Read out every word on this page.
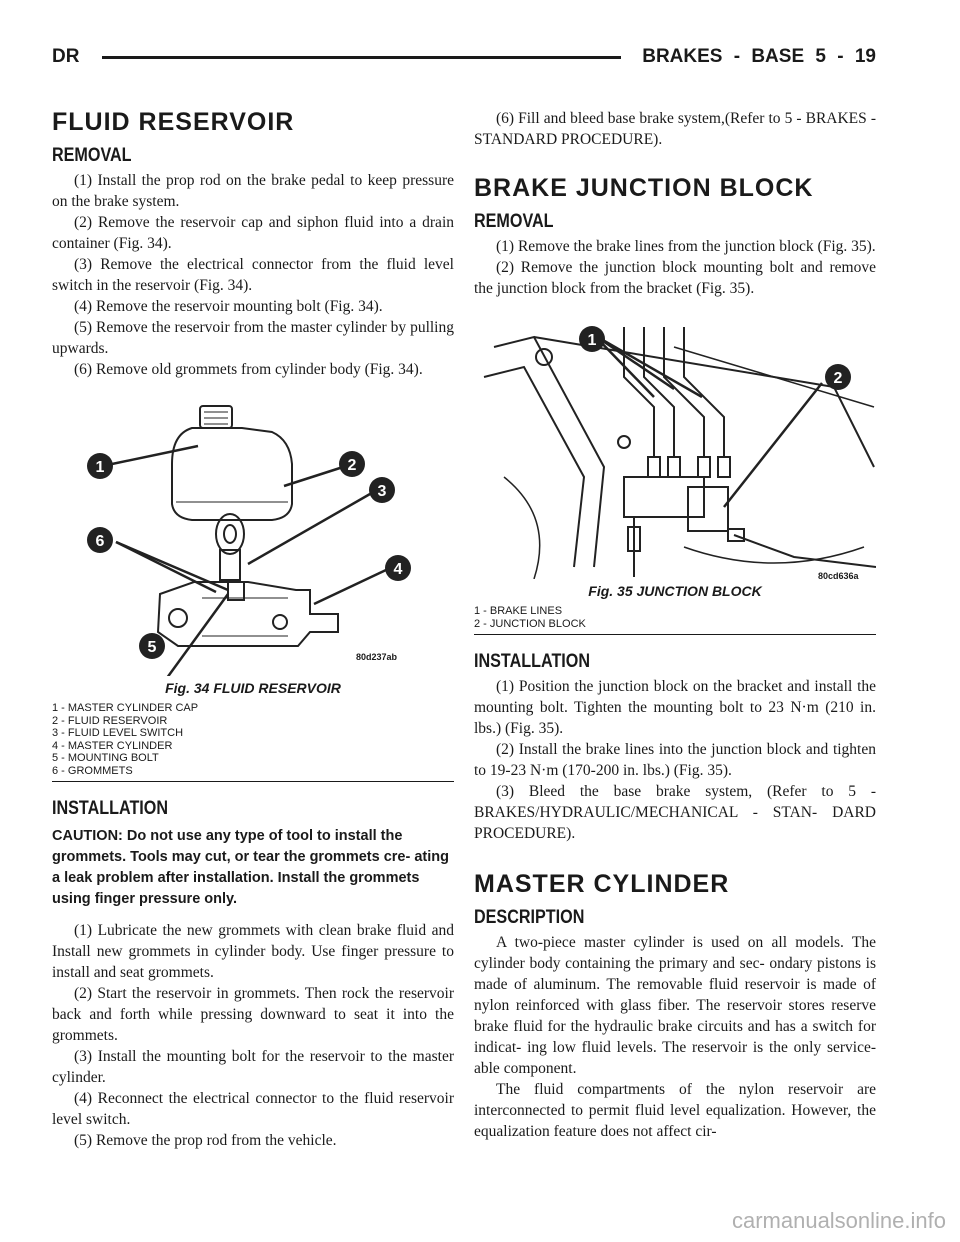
DR	BRAKES - BASE 5 - 19
FLUID RESERVOIR
REMOVAL

(1) Install the prop rod on the brake pedal to keep pressure on the brake system.

(2) Remove the reservoir cap and siphon fluid into a drain container (Fig. 34).

(3) Remove the electrical connector from the fluid level switch in the reservoir (Fig. 34).

(4) Remove the reservoir mounting bolt (Fig. 34).

(5) Remove the reservoir from the master cylinder by pulling upwards.

(6) Remove old grommets from cylinder body (Fig. 34).

1	2
3
4
5
6
80d237ab
Fig. 34 FLUID RESERVOIR
1 - MASTER CYLINDER CAP
2 - FLUID RESERVOIR
3 - FLUID LEVEL SWITCH
4 - MASTER CYLINDER
5 - MOUNTING BOLT
6 - GROMMETS
INSTALLATION

CAUTION: Do not use any type of tool to install the grommets. Tools may cut, or tear the grommets cre- ating a leak problem after installation. Install the grommets using finger pressure only.

(1) Lubricate the new grommets with clean brake fluid and Install new grommets in cylinder body. Use finger pressure to install and seat grommets.

(2) Start the reservoir in grommets. Then rock the reservoir back and forth while pressing downward to seat it into the grommets.

(3) Install the mounting bolt for the reservoir to the master cylinder.

(4) Reconnect the electrical connector to the fluid reservoir level switch.

(5) Remove the prop rod from the vehicle.

(6) Fill and bleed base brake system,(Refer to 5 - BRAKES - STANDARD PROCEDURE).

BRAKE JUNCTION BLOCK
REMOVAL

(1) Remove the brake lines from the junction block (Fig. 35).

(2) Remove the junction block mounting bolt and remove the junction block from the bracket (Fig. 35).

1
2
80cd636a
Fig. 35 JUNCTION BLOCK
1 - BRAKE LINES
2 - JUNCTION BLOCK
INSTALLATION

(1) Position the junction block on the bracket and install the mounting bolt. Tighten the mounting bolt to 23 N·m (210 in. lbs.) (Fig. 35).

(2) Install the brake lines into the junction block and tighten to 19-23 N·m (170-200 in. lbs.) (Fig. 35).

(3) Bleed the base brake system, (Refer to 5 - BRAKES/HYDRAULIC/MECHANICAL - STAN- DARD PROCEDURE).

MASTER CYLINDER
DESCRIPTION

A two-piece master cylinder is used on all models. The cylinder body containing the primary and sec- ondary pistons is made of aluminum. The removable fluid reservoir is made of nylon reinforced with glass fiber. The reservoir stores reserve brake fluid for the hydraulic brake circuits and has a switch for indicat- ing low fluid levels. The reservoir is the only service- able component.

The fluid compartments of the nylon reservoir are interconnected to permit fluid level equalization. However, the equalization feature does not affect cir-

carmanualsonline.info
